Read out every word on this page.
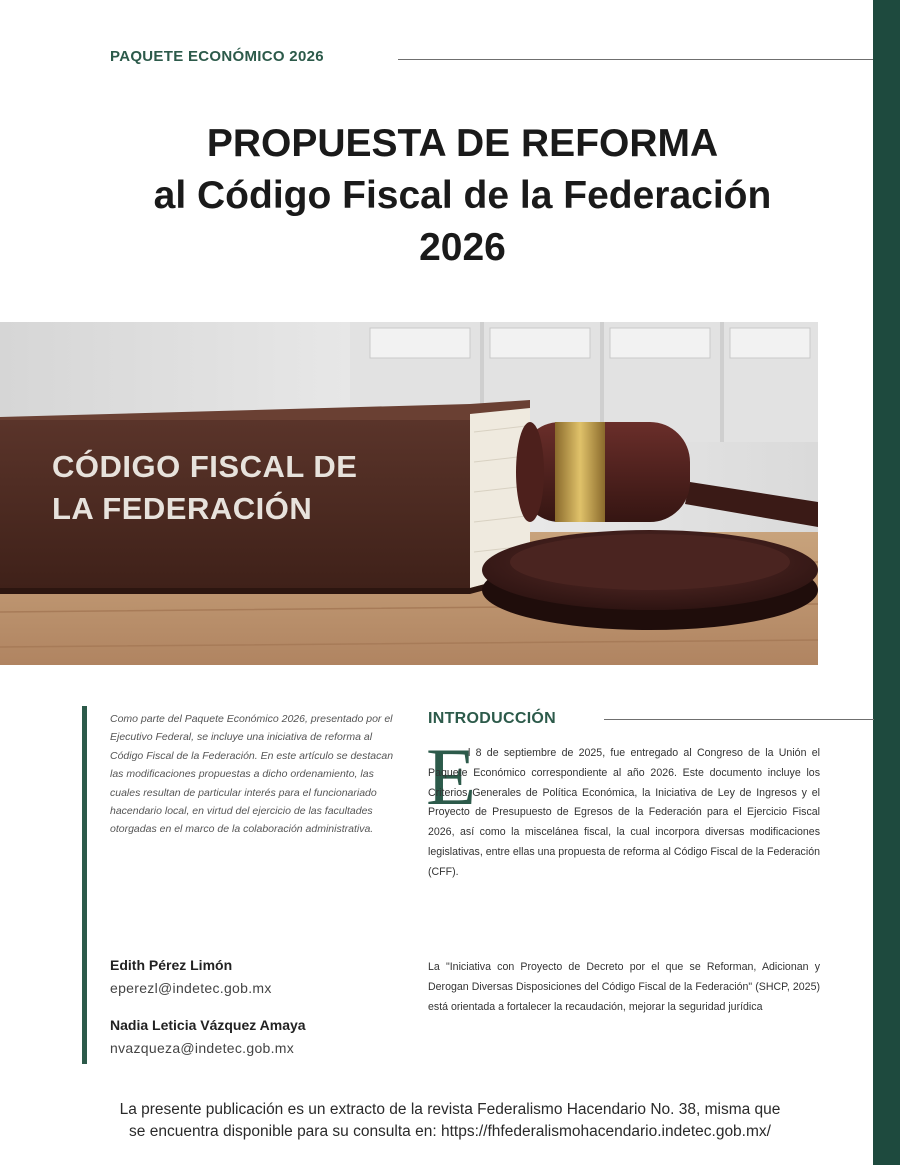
PAQUETE ECONÓMICO 2026
PROPUESTA DE REFORMA
al Código Fiscal de la Federación
2026
CÓDIGO FISCAL DE
LA FEDERACIÓN
Como parte del Paquete Económico 2026, presentado por el Ejecutivo Federal, se incluye una iniciativa de reforma al Código Fiscal de la Federación. En este artículo se destacan las modificaciones propuestas a dicho ordenamiento, las cuales resultan de particular interés para el funcionariado hacendario local, en virtud del ejercicio de las facultades otorgadas en el marco de la colaboración administrativa.
Edith Pérez Limón
eperezl@indetec.gob.mx
Nadia Leticia Vázquez Amaya
nvazqueza@indetec.gob.mx
INTRODUCCIÓN
E
l 8 de septiembre de 2025, fue entregado al Congreso de la Unión el Paquete Económico correspondiente al año 2026. Este documento incluye los Criterios Generales de Política Económica, la Iniciativa de Ley de Ingresos y el Proyecto de Presupuesto de Egresos de la Federación para el Ejercicio Fiscal 2026, así como la miscelánea fiscal, la cual incorpora diversas modificaciones legislativas, entre ellas una propuesta de reforma al Código Fiscal de la Federación (CFF).
La "Iniciativa con Proyecto de Decreto por el que se Reforman, Adicionan y Derogan Diversas Disposiciones del Código Fiscal de la Federación" (SHCP, 2025) está orientada a fortalecer la recaudación, mejorar la seguridad jurídica
La presente publicación es un extracto de la revista Federalismo Hacendario No. 38, misma que
se encuentra disponible para su consulta en: https://fhfederalismohacendario.indetec.gob.mx/
